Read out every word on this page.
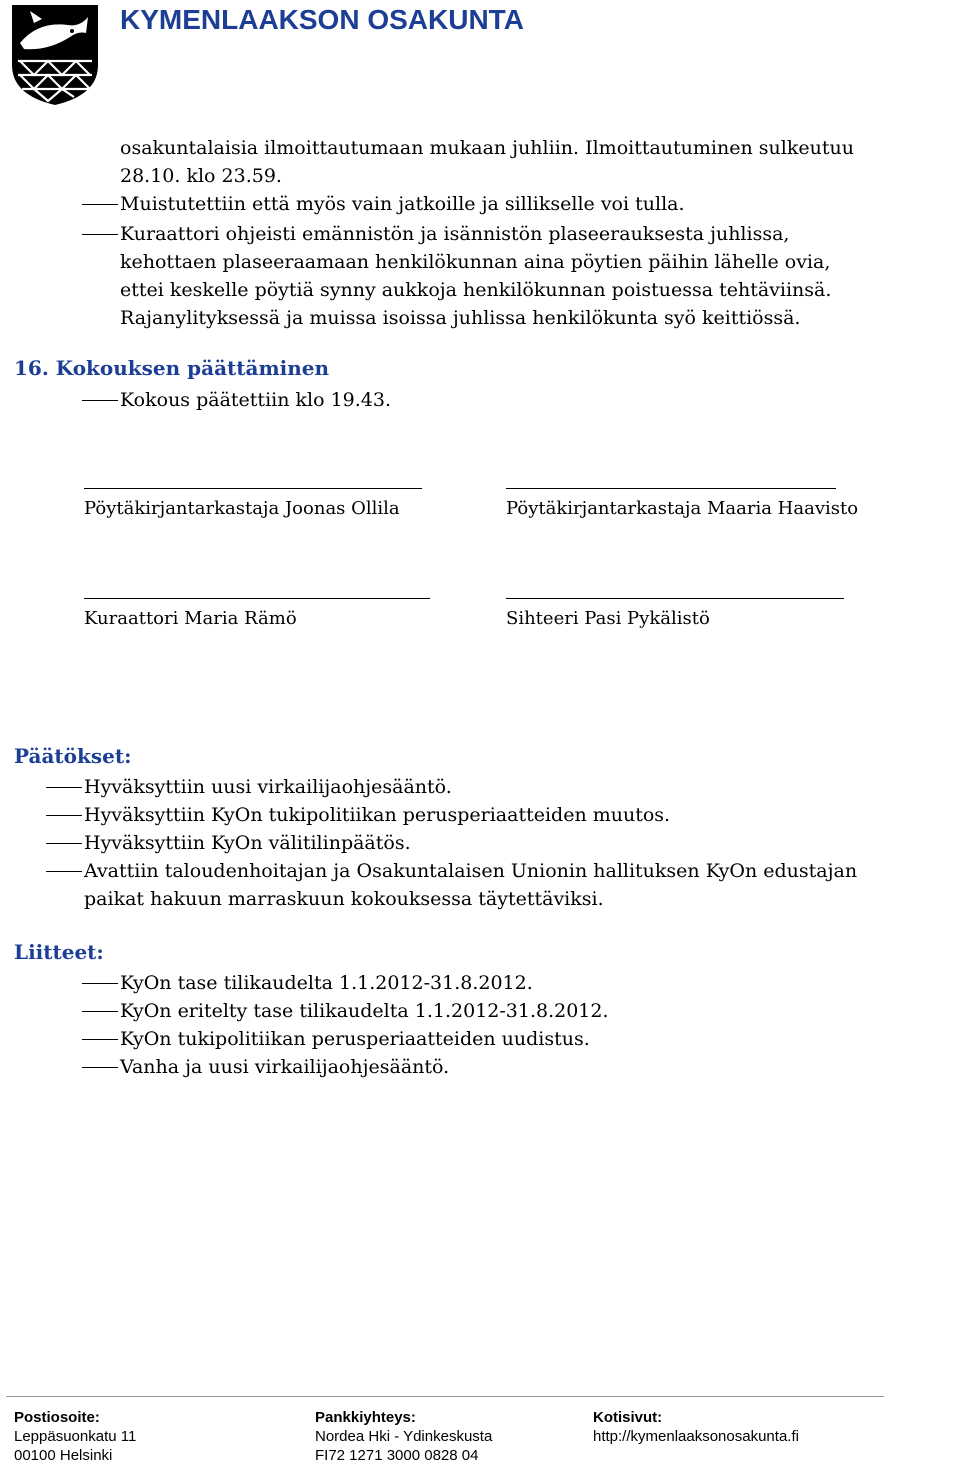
KYMENLAAKSON OSAKUNTA
osakuntalaisia ilmoittautumaan mukaan juhliin. Ilmoittautuminen sulkeutuu
28.10. klo 23.59.
Muistutettiin että myös vain jatkoille ja sillikselle voi tulla.
Kuraattori ohjeisti emännistön ja isännistön plaseerauksesta juhlissa,
kehottaen plaseeraamaan henkilökunnan aina pöytien päihin lähelle ovia,
ettei keskelle pöytiä synny aukkoja henkilökunnan poistuessa tehtäviinsä.
Rajanylityksessä ja muissa isoissa juhlissa henkilökunta syö keittiössä.
16. Kokouksen päättäminen
Kokous päätettiin klo 19.43.
Pöytäkirjantarkastaja Joonas Ollila	Pöytäkirjantarkastaja Maaria Haavisto
Kuraattori Maria Rämö	Sihteeri Pasi Pykälistö
Päätökset:
Hyväksyttiin uusi virkailijaohjesääntö.
Hyväksyttiin KyOn tukipolitiikan perusperiaatteiden muutos.
Hyväksyttiin KyOn välitilinpäätös.
Avattiin taloudenhoitajan ja Osakuntalaisen Unionin hallituksen KyOn edustajan
paikat hakuun marraskuun kokouksessa täytettäviksi.
Liitteet:
KyOn tase tilikaudelta 1.1.2012-31.8.2012.
KyOn eritelty tase tilikaudelta 1.1.2012-31.8.2012.
KyOn tukipolitiikan perusperiaatteiden uudistus.
Vanha ja uusi virkailijaohjesääntö.
Postiosoite:
Leppäsuonkatu 11
00100 Helsinki
Pankkiyhteys:
Nordea Hki - Ydinkeskusta
FI72 1271 3000 0828 04
Kotisivut:
http://kymenlaaksonosakunta.fi
